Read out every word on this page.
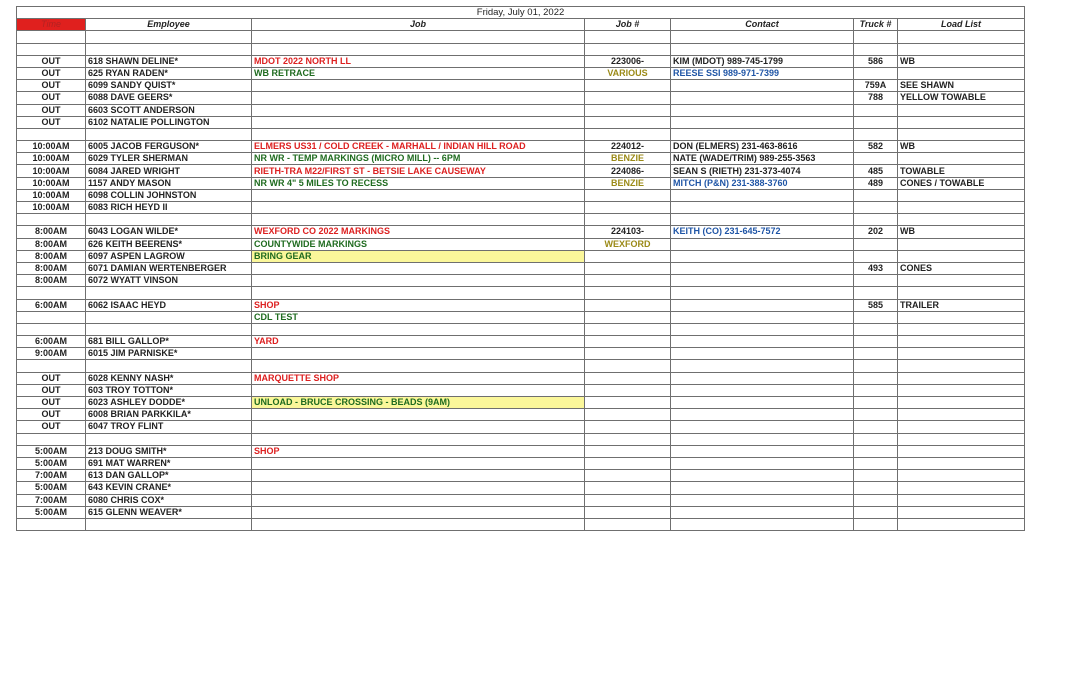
Friday, July 01, 2022						
Time	Employee	Job	Job #	Contact	Truck #	Load List

OUT	618 SHAWN DELINE*	MDOT 2022 NORTH LL	223006-	KIM (MDOT) 989-745-1799	586	WB
OUT	625 RYAN RADEN*	WB RETRACE	VARIOUS	REESE SSI 989-971-7399		
OUT	6099 SANDY QUIST*				759A	SEE SHAWN
OUT	6088 DAVE GEERS*				788	YELLOW TOWABLE
OUT	6603 SCOTT ANDERSON					
OUT	6102 NATALIE POLLINGTON					

10:00AM	6005 JACOB FERGUSON*	ELMERS US31 / COLD CREEK - MARHALL / INDIAN HILL ROAD	224012-	DON (ELMERS) 231-463-8616	582	WB
10:00AM	6029 TYLER SHERMAN	NR WR - TEMP MARKINGS (MICRO MILL) -- 6PM	BENZIE	NATE (WADE/TRIM) 989-255-3563		
10:00AM	6084 JARED WRIGHT	RIETH-TRA M22/FIRST ST - BETSIE LAKE CAUSEWAY	224086-	SEAN S (RIETH) 231-373-4074	485	TOWABLE
10:00AM	1157 ANDY MASON	NR WR 4" 5 MILES TO RECESS	BENZIE	MITCH (P&N) 231-388-3760	489	CONES / TOWABLE
10:00AM	6098 COLLIN JOHNSTON					
10:00AM	6083 RICH HEYD II					

8:00AM	6043 LOGAN WILDE*	WEXFORD CO 2022 MARKINGS	224103-	KEITH (CO) 231-645-7572	202	WB
8:00AM	626 KEITH BEERENS*	COUNTYWIDE MARKINGS	WEXFORD			
8:00AM	6097 ASPEN LAGROW	BRING GEAR				
8:00AM	6071 DAMIAN WERTENBERGER				493	CONES
8:00AM	6072 WYATT VINSON					

6:00AM	6062 ISAAC HEYD	SHOP			585	TRAILER
		CDL TEST				

6:00AM	681 BILL GALLOP*	YARD				
9:00AM	6015 JIM PARNISKE*					

OUT	6028 KENNY NASH*	MARQUETTE SHOP				
OUT	603 TROY TOTTON*					
OUT	6023 ASHLEY DODDE*	UNLOAD - BRUCE CROSSING - BEADS (9AM)				
OUT	6008 BRIAN PARKKILA*					
OUT	6047 TROY FLINT					

5:00AM	213 DOUG SMITH*	SHOP				
5:00AM	691 MAT WARREN*					
7:00AM	613 DAN GALLOP*					
5:00AM	643 KEVIN CRANE*					
7:00AM	6080 CHRIS COX*					
5:00AM	615 GLENN WEAVER*					
